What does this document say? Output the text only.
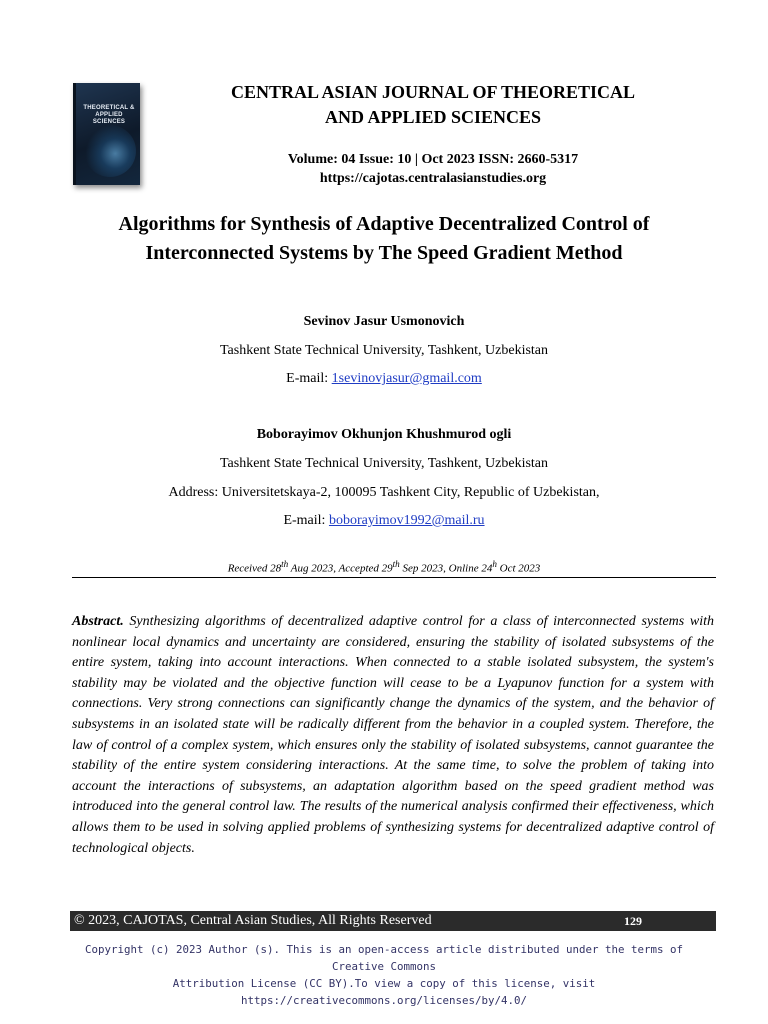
THEORETICAL &
APPLIED
SCIENCES
CENTRAL ASIAN JOURNAL OF THEORETICAL
AND APPLIED SCIENCES
Volume: 04 Issue: 10 | Oct 2023 ISSN: 2660-5317
https://cajotas.centralasianstudies.org
Algorithms for Synthesis of Adaptive Decentralized Control of
Interconnected Systems by The Speed Gradient Method
Sevinov Jasur Usmonovich
Tashkent State Technical University, Tashkent, Uzbekistan
E-mail: 1sevinovjasur@gmail.com
Boborayimov Okhunjon Khushmurod ogli
Tashkent State Technical University, Tashkent, Uzbekistan
Address: Universitetskaya-2, 100095 Tashkent City, Republic of Uzbekistan,
E-mail: boborayimov1992@mail.ru
Received 28th Aug 2023, Accepted 29th Sep 2023, Online 24$^h$ Oct 2023
Abstract. Synthesizing algorithms of decentralized adaptive control for a class of interconnected systems with nonlinear local dynamics and uncertainty are considered, ensuring the stability of isolated subsystems of the entire system, taking into account interactions. When connected to a stable isolated subsystem, the system's stability may be violated and the objective function will cease to be a Lyapunov function for a system with connections. Very strong connections can significantly change the dynamics of the system, and the behavior of subsystems in an isolated state will be radically different from the behavior in a coupled system. Therefore, the law of control of a complex system, which ensures only the stability of isolated subsystems, cannot guarantee the stability of the entire system considering interactions. At the same time, to solve the problem of taking into account the interactions of subsystems, an adaptation algorithm based on the speed gradient method was introduced into the general control law. The results of the numerical analysis confirmed their effectiveness, which allows them to be used in solving applied problems of synthesizing systems for decentralized adaptive control of technological objects.
© 2023, CAJOTAS, Central Asian Studies, All Rights Reserved	129
Copyright (c) 2023 Author (s). This is an open-access article distributed under the terms of Creative Commons
Attribution License (CC BY).To view a copy of this license, visit https://creativecommons.org/licenses/by/4.0/
